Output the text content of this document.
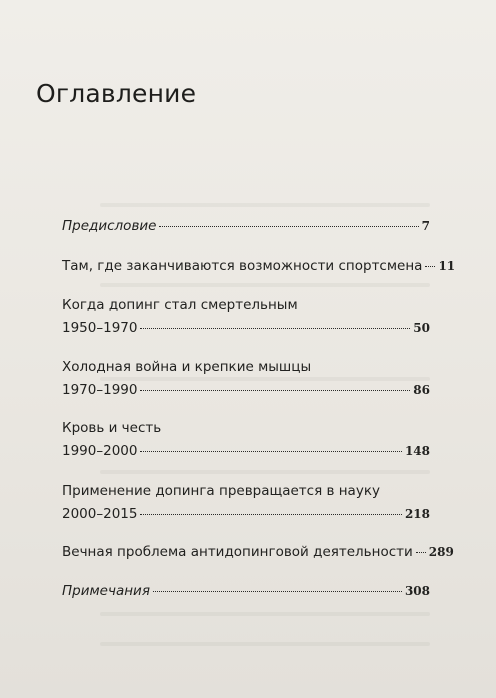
Оглавление
Предисловие	7
Там, где заканчиваются возможности спортсмена 11
Когда допинг стал смертельным
1950–1970	50
Холодная война и крепкие мышцы
1970–1990	86
Кровь и честь
1990–2000	148
Применение допинга превращается в науку
2000–2015	218
Вечная проблема антидопинговой деятельности 289
Примечания	308
